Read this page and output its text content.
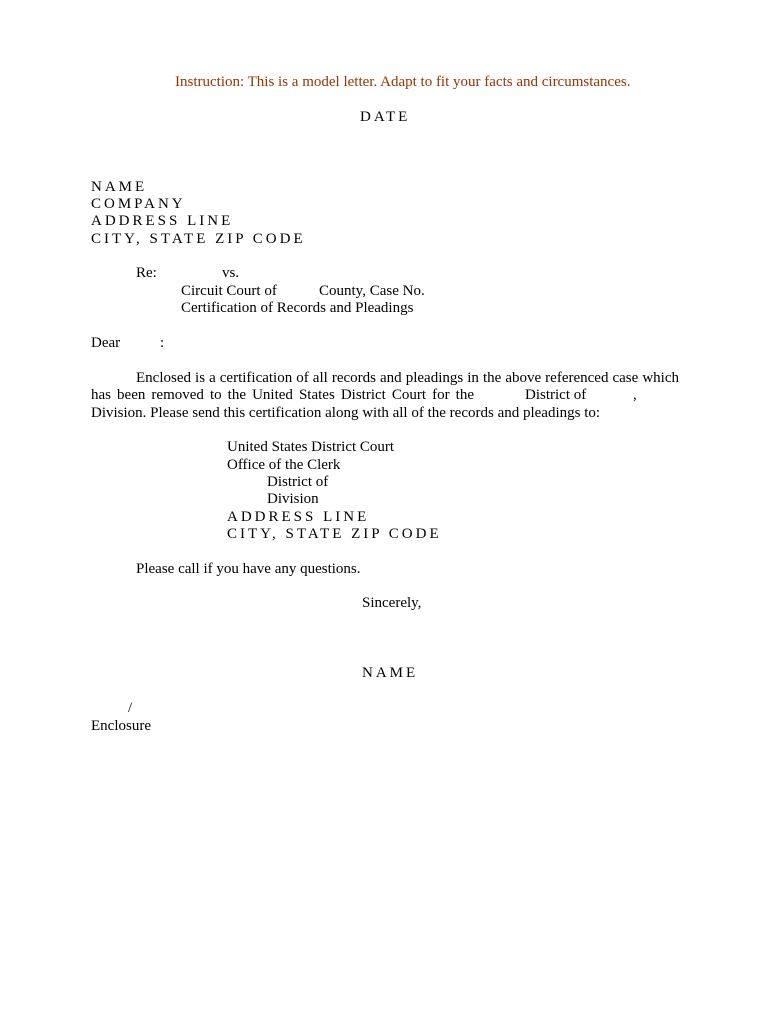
Instruction: This is a model letter. Adapt to fit your facts and circumstances.
DATE
NAME
COMPANY
ADDRESS LINE
CITY, STATE ZIP CODE
Re:	vs.
Circuit Court of	County, Case No.
Certification of Records and Pleadings
Dear	:
Enclosed is a certification of all records and pleadings in the above referenced case which
has been removed to the United States District Court for the	District of	,
Division. Please send this certification along with all of the records and pleadings to:
United States District Court
Office of the Clerk
District of
Division
ADDRESS LINE
CITY, STATE ZIP CODE
Please call if you have any questions.
Sincerely,
NAME
/
Enclosure
